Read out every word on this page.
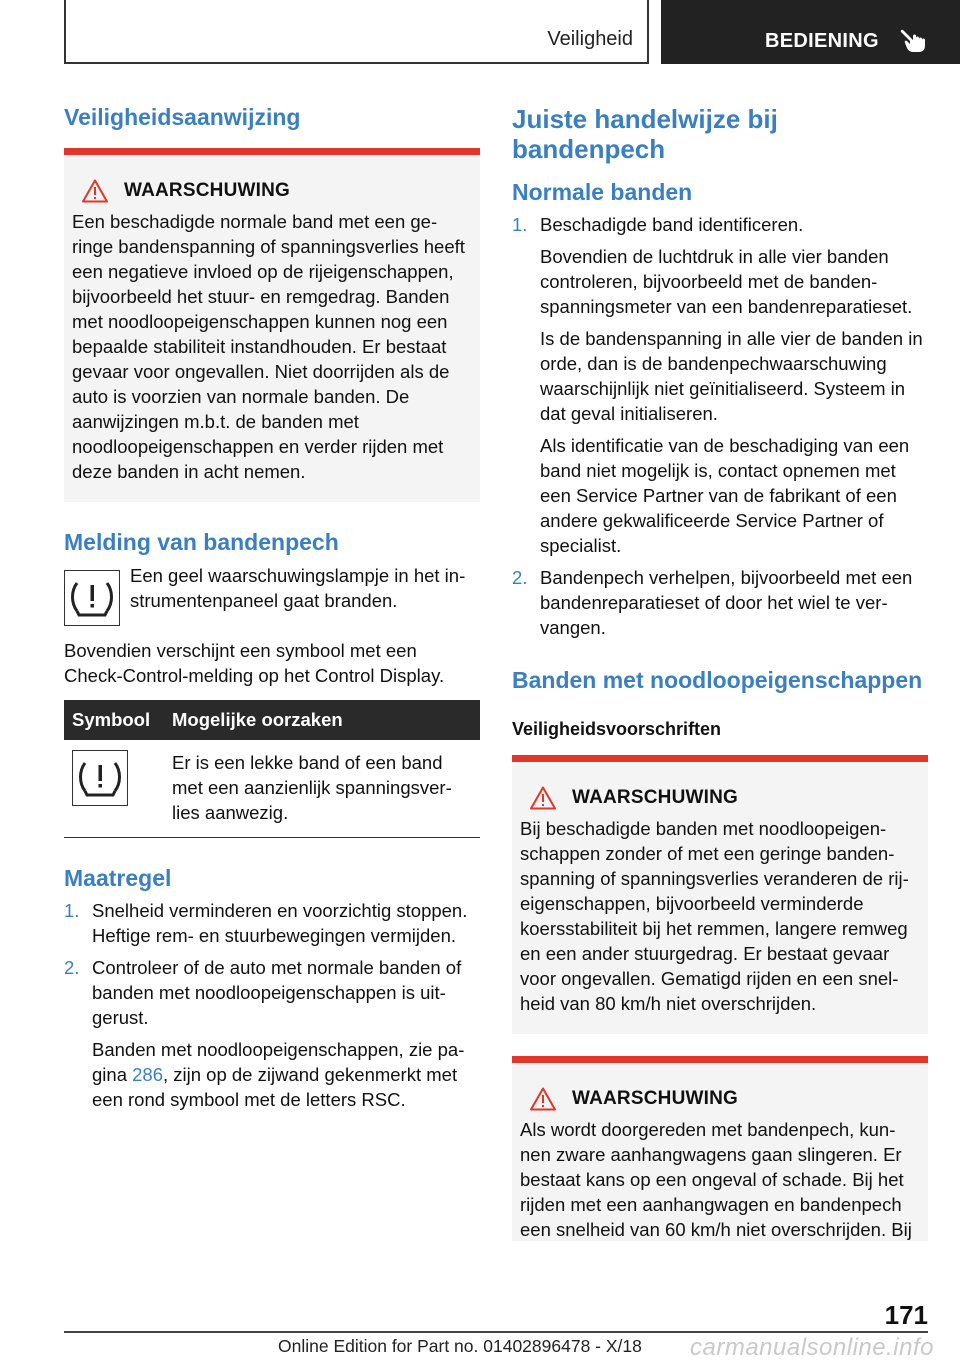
Veiligheid	BEDIENING
Veiligheidsaanwijzing
WAARSCHUWING
Een beschadigde normale band met een geringe bandenspanning of spanningsverlies heeft een negatieve invloed op de rijeigenschappen, bijvoorbeeld het stuur- en remgedrag. Banden met noodloopeigenschappen kunnen nog een bepaalde stabiliteit instandhouden. Er bestaat gevaar voor ongevallen. Niet doorrijden als de auto is voorzien van normale banden. De aanwijzingen m.b.t. de banden met noodloopeigenschappen en verder rijden met deze banden in acht nemen.
Melding van bandenpech
Een geel waarschuwingslampje in het instrumentenpaneel gaat branden.
Bovendien verschijnt een symbool met een Check-Control-melding op het Control Display.
Symbool	Mogelijke oorzaken

	Er is een lekke band of een band met een aanzienlijk spanningsverlies aanwezig.
Maatregel
1. Snelheid verminderen en voorzichtig stoppen. Heftige rem- en stuurbewegingen vermijden.
2. Controleer of de auto met normale banden of banden met noodloopeigenschappen is uitgerust.
Banden met noodloopeigenschappen, zie pagina 286, zijn op de zijwand gekenmerkt met een rond symbool met de letters RSC.
Juiste handelwijze bij bandenpech
Normale banden
1. Beschadigde band identificeren.
Bovendien de luchtdruk in alle vier banden controleren, bijvoorbeeld met de bandenspanningsmeter van een bandenreparatieset.
Is de bandenspanning in alle vier de banden in orde, dan is de bandenpechwaarschuwing waarschijnlijk niet geïnitialiseerd. Systeem in dat geval initialiseren.
Als identificatie van de beschadiging van een band niet mogelijk is, contact opnemen met een Service Partner van de fabrikant of een andere gekwalificeerde Service Partner of specialist.
2. Bandenpech verhelpen, bijvoorbeeld met een bandenreparatieset of door het wiel te vervangen.
Banden met noodloopeigenschappen
Veiligheidsvoorschriften
WAARSCHUWING
Bij beschadigde banden met noodloopeigenschappen zonder of met een geringe bandenspanning of spanningsverlies veranderen de rijeigenschappen, bijvoorbeeld verminderde koersstabiliteit bij het remmen, langere remweg en een ander stuurgedrag. Er bestaat gevaar voor ongevallen. Gematigd rijden en een snelheid van 80 km/h niet overschrijden.
WAARSCHUWING
Als wordt doorgereden met bandenpech, kunnen zware aanhangwagens gaan slingeren. Er bestaat kans op een ongeval of schade. Bij het rijden met een aanhangwagen en bandenpech een snelheid van 60 km/h niet overschrijden. Bij
171
Online Edition for Part no. 01402896478 - X/18 carmanualsonline.info
